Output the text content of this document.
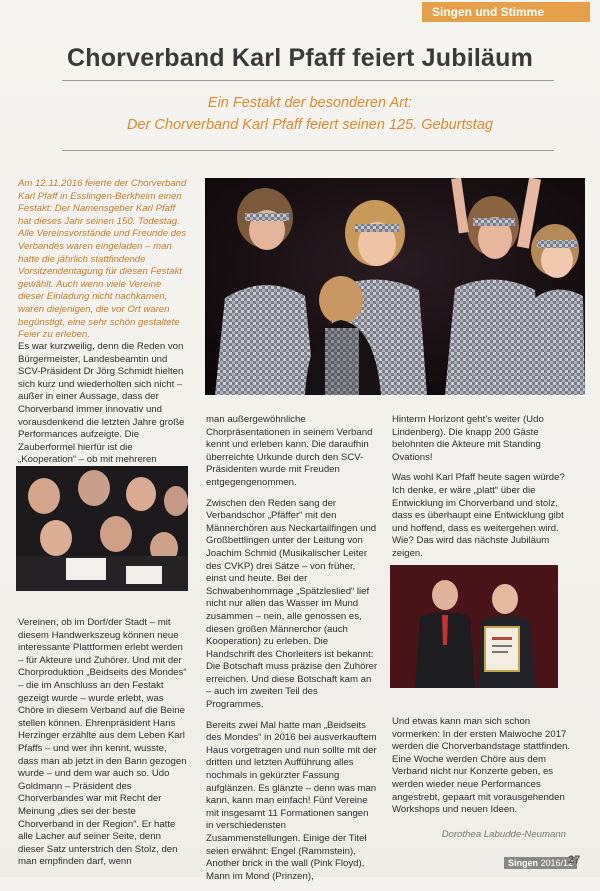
Singen und Stimme
Chorverband Karl Pfaff feiert Jubiläum
Ein Festakt der besonderen Art:
Der Chorverband Karl Pfaff feiert seinen 125. Geburtstag
Am 12.11.2016 feierte der Chorverband Karl Pfaff in Esslingen-Berkheim einen Festakt: Der Namensgeber Karl Pfaff hat dieses Jahr seinen 150. Todestag. Alle Vereinsvorstände und Freunde des Verbandes waren eingeladen – man hatte die jährlich stattfindende Vorsitzendentagung für diesen Festakt gewählt. Auch wenn viele Vereine dieser Einladung nicht nachkamen, waren diejenigen, die vor Ort waren begünstigt, eine sehr schön gestaltete Feier zu erleben.

Es war kurzweilig, denn die Reden von Bürgermeister, Landesbeamtin und SCV-Präsident Dr Jörg Schmidt hielten sich kurz und wiederholten sich nicht – außer in einer Aussage, dass der Chorverband immer innovativ und vorausdenkend die letzten Jahre große Performances aufzeigte. Die Zauberformel hierfür ist die „Kooperation“ – ob mit mehreren

Vereinen, ob im Dorf/der Stadt – mit diesem Handwerkszeug können neue interessante Plattformen erlebt werden – für Akteure und Zuhörer. Und mit der Chorproduktion „Beidseits des Mondes“ – die im Anschluss an den Festakt gezeigt wurde – wurde erlebt, was Chöre in diesem Verband auf die Beine stellen können. Ehrenpräsident Hans Herzinger erzählte aus dem Leben Karl Pfaffs – und wer ihn kennt, wusste, dass man ab jetzt in den Bann gezogen wurde – und dem war auch so. Udo Goldmann – Präsident des Chorverbandes war mit Recht der Meinung „dies sei der beste Chorverband in der Region“. Er hatte alle Lacher auf seiner Seite, denn dieser Satz unterstrich den Stolz, den man empfinden darf, wenn

man außergewöhnliche Chorpräsentationen in seinem Verband kennt und erleben kann. Die daraufhin überreichte Urkunde durch den SCV-Präsidenten wurde mit Freuden entgegengenommen.

Zwischen den Reden sang der Verbandschor „Pfäffer“ mit den Männerchören aus Neckartailfingen und Großbettlingen unter der Leitung von Joachim Schmid (Musikalischer Leiter des CVKP) drei Sätze – von früher, einst und heute. Bei der Schwabenhommage „Spätzleslied“ lief nicht nur allen das Wasser im Mund zusammen – nein, alle genossen es, diesen großen Männerchor (auch Kooperation) zu erleben. Die Handschrift des Chorleiters ist bekannt: Die Botschaft muss präzise den Zuhörer erreichen. Und diese Botschaft kam an – auch im zweiten Teil des Programmes.

Bereits zwei Mal hatte man „Beidseits des Mondes“ in 2016 bei ausverkauftem Haus vorgetragen und nun sollte mit der dritten und letzten Aufführung alles nochmals in gekürzter Fassung aufglänzen. Es glänzte – denn was man kann, kann man einfach! Fünf Vereine mit insgesamt 11 Formationen sangen in verschiedensten Zusammenstellungen. Einige der Titel seien erwähnt: Engel (Rammstein), Another brick in the wall (Pink Floyd), Mann im Mond (Prinzen),

Hinterm Horizont geht’s weiter (Udo Lindenberg). Die knapp 200 Gäste belohnten die Akteure mit Standing Ovations!

Was wohl Karl Pfaff heute sagen würde? Ich denke, er wäre „platt“ über die Entwicklung im Chorverband und stolz, dass es überhaupt eine Entwicklung gibt und hoffend, dass es weitergehen wird. Wie? Das wird das nächste Jubiläum zeigen.

Und etwas kann man sich schon vormerken: In der ersten Maiwoche 2017 werden die Chorverbandstage stattfinden. Eine Woche werden Chöre aus dem Verband nicht nur Konzerte geben, es werden wieder neue Performances angestrebt, gepaart mit vorausgehenden Workshops und neuen Ideen.

Dorothea Labudde-Neumann
Singen 2016/12
27
